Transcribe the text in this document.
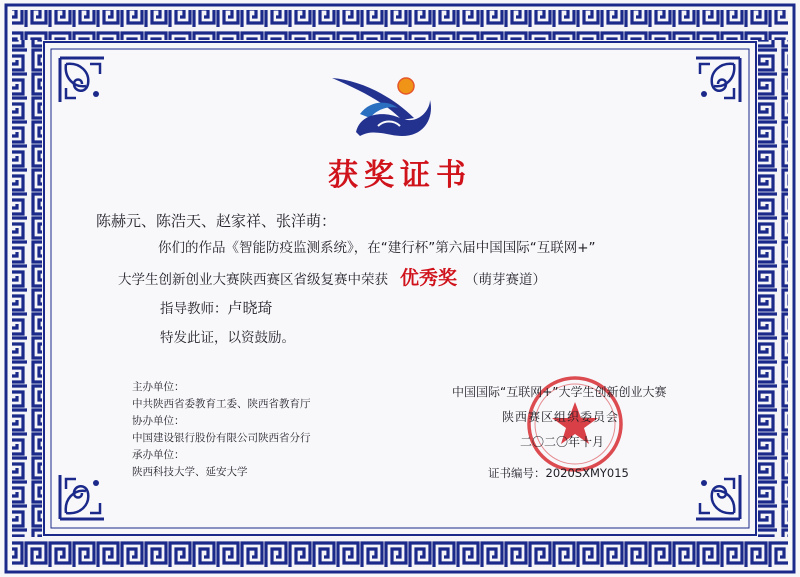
获奖证书
陈赫元、陈浩天、赵家祥、张洋萌：
你们的作品《智能防疫监测系统》，在“建行杯”第六届中国国际“互联网+”
大学生创新创业大赛陕西赛区省级复赛中荣获 优秀奖 （萌芽赛道）
指导教师：卢晓琦
特发此证，以资鼓励。
主办单位：
中共陕西省委教育工委、陕西省教育厅
协办单位：
中国建设银行股份有限公司陕西省分行
承办单位：
陕西科技大学、延安大学
中国国际“互联网+”大学生创新创业大赛
陕西赛区组织委员会
二〇二〇年十月
证书编号：2020SXMY015
